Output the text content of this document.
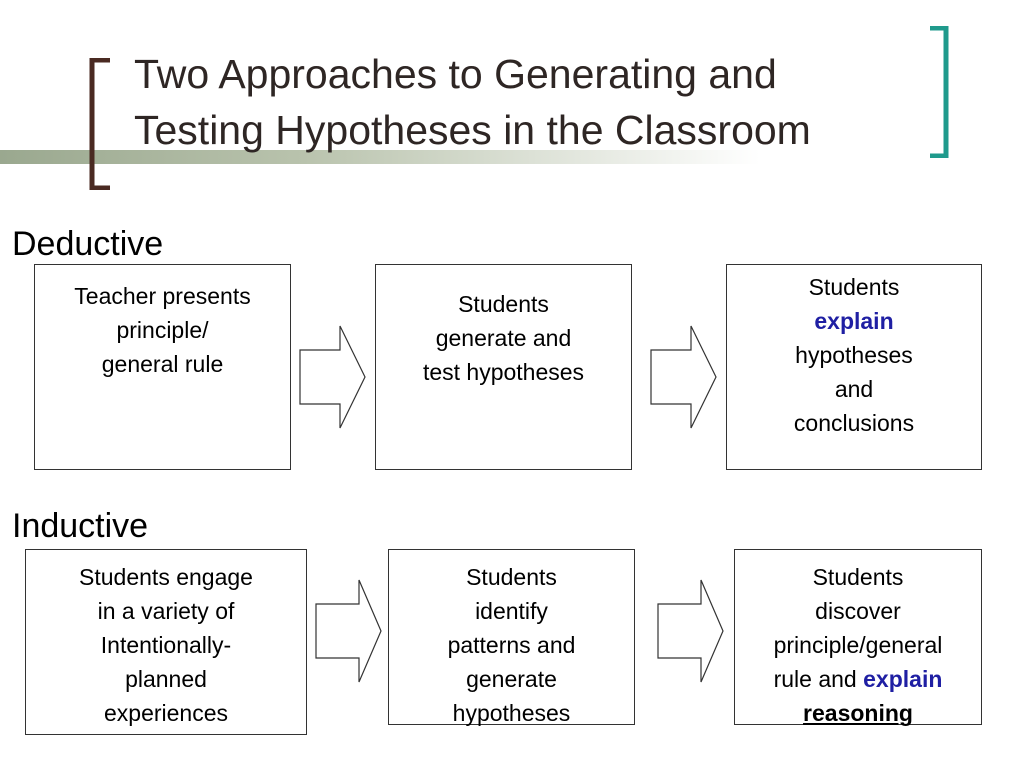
Two Approaches to Generating and
Testing Hypotheses in the Classroom
Deductive
Teacher presents
principle/
general rule
Students
generate and
test hypotheses
Students
explain
hypotheses
and
conclusions
Inductive
Students engage
in a variety of
Intentionally-
planned
experiences
Students
identify
patterns and
generate
hypotheses
Students
discover
principle/general
rule and explain
reasoning
